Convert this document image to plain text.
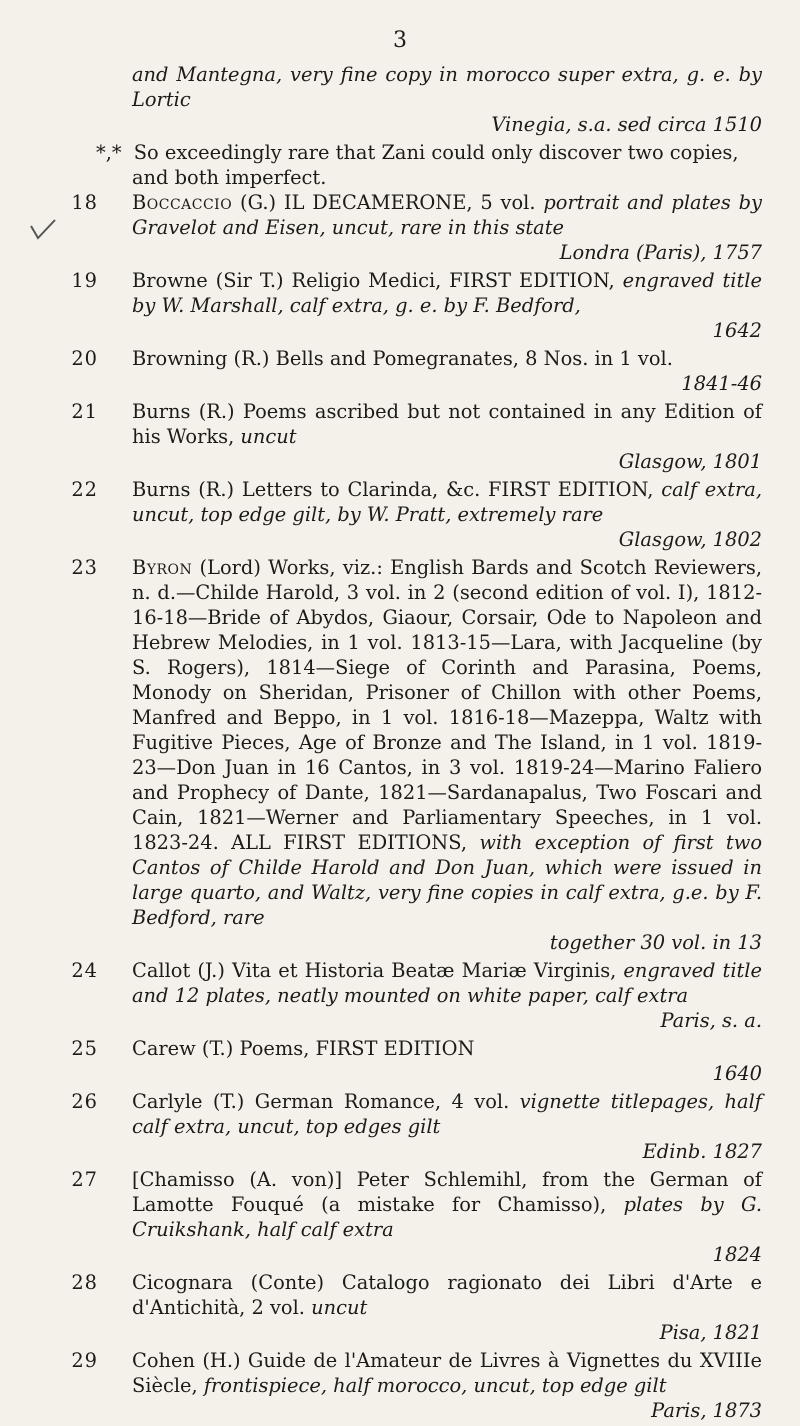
3
and Mantegna, very fine copy in morocco super extra, g. e. by Lortic
Vinegia, s.a. sed circa 1510
*,* So exceedingly rare that Zani could only discover two copies, and both imperfect.
18 Boccaccio (G.) IL DECAMERONE, 5 vol. portrait and plates by Gravelot and Eisen, uncut, rare in this state
Londra (Paris), 1757
19 Browne (Sir T.) Religio Medici, FIRST EDITION, engraved title by W. Marshall, calf extra, g. e. by F. Bedford,
1642
20 Browning (R.) Bells and Pomegranates, 8 Nos. in 1 vol.
1841-46
21 Burns (R.) Poems ascribed but not contained in any Edition of his Works, uncut
Glasgow, 1801
22 Burns (R.) Letters to Clarinda, &c. FIRST EDITION, calf extra, uncut, top edge gilt, by W. Pratt, extremely rare
Glasgow, 1802
23 Byron (Lord) Works, viz.: English Bards and Scotch Reviewers, n. d.—Childe Harold, 3 vol. in 2 (second edition of vol. I), 1812-16-18—Bride of Abydos, Giaour, Corsair, Ode to Napoleon and Hebrew Melodies, in 1 vol. 1813-15—Lara, with Jacqueline (by S. Rogers), 1814—Siege of Corinth and Parasina, Poems, Monody on Sheridan, Prisoner of Chillon with other Poems, Manfred and Beppo, in 1 vol. 1816-18—Mazeppa, Waltz with Fugitive Pieces, Age of Bronze and The Island, in 1 vol. 1819-23—Don Juan in 16 Cantos, in 3 vol. 1819-24—Marino Faliero and Prophecy of Dante, 1821—Sardanapalus, Two Foscari and Cain, 1821—Werner and Parliamentary Speeches, in 1 vol. 1823-24. ALL FIRST EDITIONS, with exception of first two Cantos of Childe Harold and Don Juan, which were issued in large quarto, and Waltz, very fine copies in calf extra, g.e. by F. Bedford, rare
together 30 vol. in 13
24 Callot (J.) Vita et Historia Beatæ Mariæ Virginis, engraved title and 12 plates, neatly mounted on white paper, calf extra
Paris, s. a.
25 Carew (T.) Poems, FIRST EDITION
1640
26 Carlyle (T.) German Romance, 4 vol. vignette titlepages, half calf extra, uncut, top edges gilt
Edinb. 1827
27 [Chamisso (A. von)] Peter Schlemihl, from the German of Lamotte Fouqué (a mistake for Chamisso), plates by G. Cruikshank, half calf extra
1824
28 Cicognara (Conte) Catalogo ragionato dei Libri d'Arte e d'Antichità, 2 vol. uncut
Pisa, 1821
29 Cohen (H.) Guide de l'Amateur de Livres à Vignettes du XVIIIe Siècle, frontispiece, half morocco, uncut, top edge gilt
Paris, 1873
